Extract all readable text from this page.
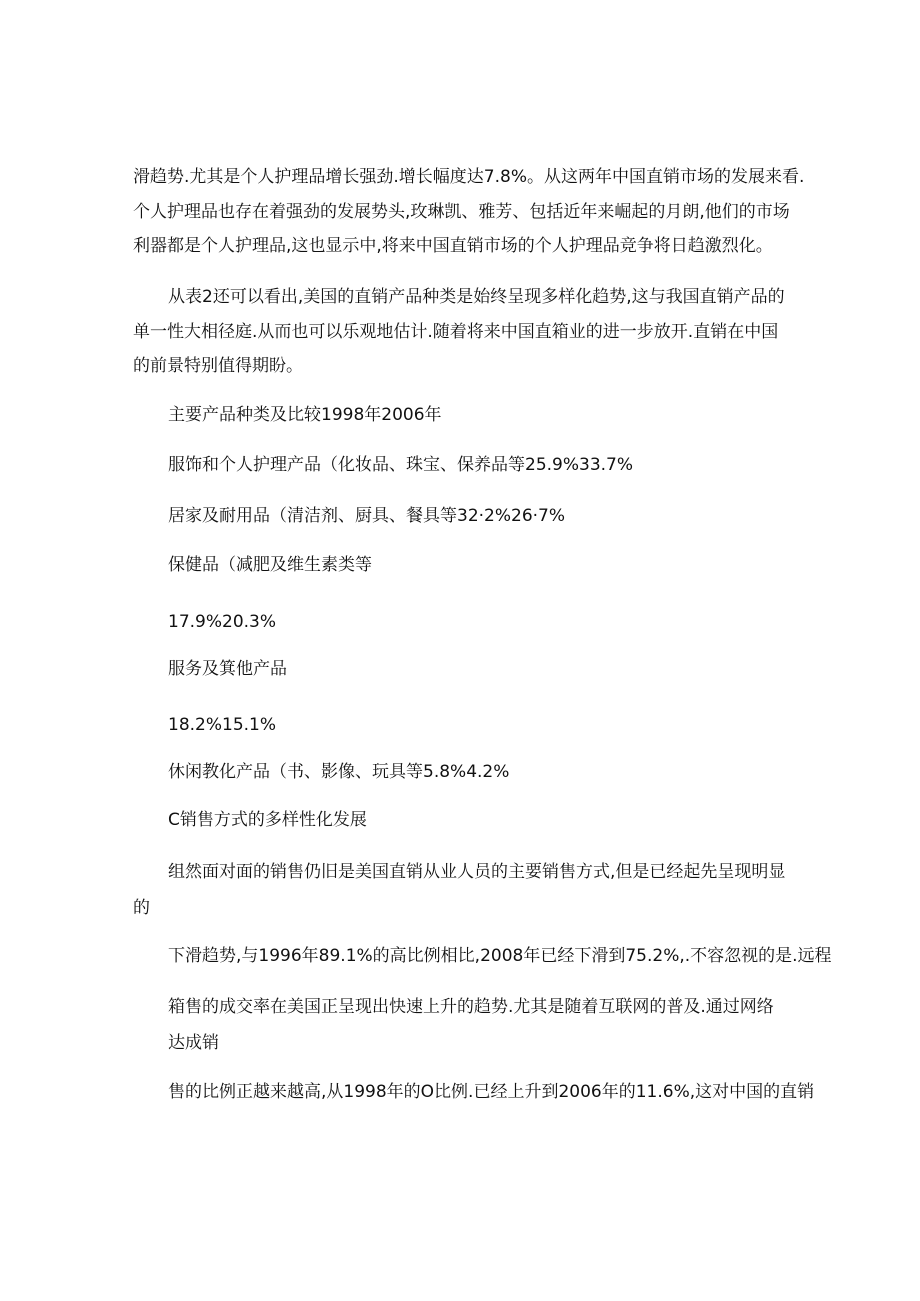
滑趋势.尤其是个人护理品增长强劲.增长幅度达7.8%。从这两年中国直销市场的发展来看.
个人护理品也存在着强劲的发展势头,玫琳凯、雅芳、包括近年来崛起的月朗,他们的市场
利器都是个人护理品,这也显示中,将来中国直销市场的个人护理品竞争将日趋激烈化。
从表2还可以看出,美国的直销产品种类是始终呈现多样化趋势,这与我国直销产品的
单一性大相径庭.从而也可以乐观地估计.随着将来中国直箱业的进一步放开.直销在中国
的前景特别值得期盼。
主要产品种类及比较1998年2006年
服饰和个人护理产品（化妆品、珠宝、保养品等25.9%33.7%
居家及耐用品（清洁剂、厨具、餐具等32·2%26·7%
保健品（减肥及维生素类等
17.9%20.3%
服务及箕他产品
18.2%15.1%
休闲教化产品（书、影像、玩具等5.8%4.2%
C销售方式的多样性化发展
组然面对面的销售仍旧是美国直销从业人员的主要销售方式,但是已经起先呈现明显
的
下滑趋势,与1996年89.1%的高比例相比,2008年已经下滑到75.2%,.不容忽视的是.远程
箱售的成交率在美国正呈现出快速上升的趋势.尤其是随着互联网的普及.通过网络
达成销
售的比例正越来越高,从1998年的O比例.已经上升到2006年的11.6%,这对中国的直销
